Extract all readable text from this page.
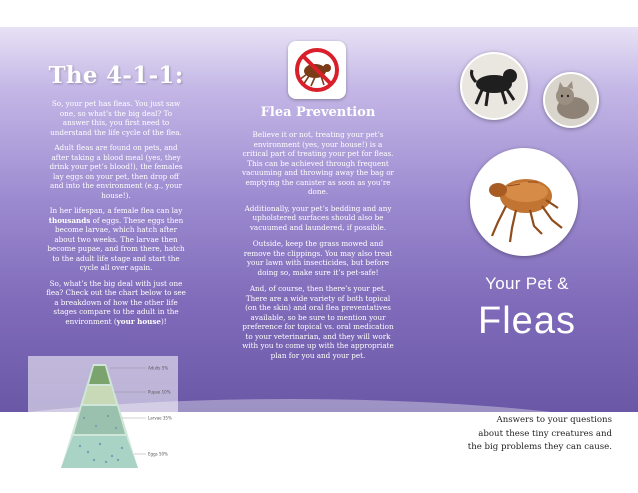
The 4-1-1:

So, your pet has fleas. You just saw one, so what’s the big deal? To answer this, you first need to understand the life cycle of the flea.

Adult fleas are found on pets, and after taking a blood meal (yes, they drink your pet’s blood!), the females lay eggs on your pet, then drop off and into the environment (e.g., your house!).

In her lifespan, a female flea can lay thousands of eggs. These eggs then become larvae, which hatch after about two weeks. The larvae then become pupae, and from there, hatch to the adult life stage and start the cycle all over again.

So, what’s the big deal with just one flea? Check out the chart below to see a breakdown of how the other life stages compare to the adult in the environment (your house)!

Adults 5%
Pupae 10%
Larvae 35%
Eggs 50%
Flea Prevention

Believe it or not, treating your pet’s environment (yes, your house!) is a critical part of treating your pet for fleas. This can be achieved through frequent vacuuming and throwing away the bag or emptying the canister as soon as you’re done.

Additionally, your pet’s bedding and any upholstered surfaces should also be vacuumed and laundered, if possible.

Outside, keep the grass mowed and remove the clippings. You may also treat your lawn with insecticides, but before doing so, make sure it’s pet-safe!

And, of course, then there’s your pet. There are a wide variety of both topical (on the skin) and oral flea preventatives available, so be sure to mention your preference for topical vs. oral medication to your veterinarian, and they will work with you to come up with the appropriate plan for you and your pet.

Your Pet &
Fleas
Answers to your questions
about these tiny creatures and
the big problems they can cause.
